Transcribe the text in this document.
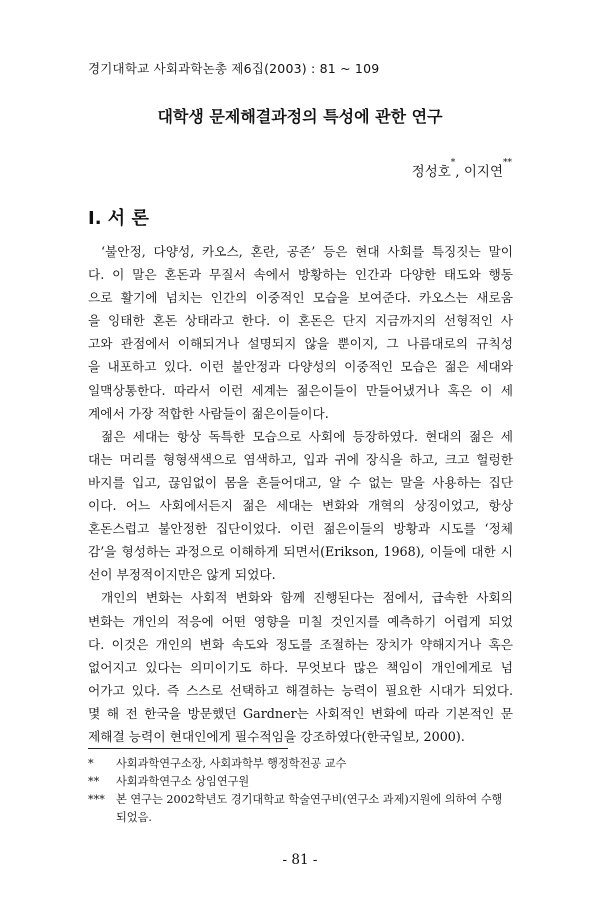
경기대학교 사회과학논총 제6집(2003) : 81 ~ 109
대학생 문제해결과정의 특성에 관한 연구
정성호*, 이지연**
I. 서 론

‘불안정, 다양성, 카오스, 혼란, 공존’ 등은 현대 사회를 특징짓는 말이
다. 이 말은 혼돈과 무질서 속에서 방황하는 인간과 다양한 태도와 행동
으로 활기에 넘치는 인간의 이중적인 모습을 보여준다. 카오스는 새로움
을 잉태한 혼돈 상태라고 한다. 이 혼돈은 단지 지금까지의 선형적인 사
고와 관점에서 이해되거나 설명되지 않을 뿐이지, 그 나름대로의 규칙성
을 내포하고 있다. 이런 불안정과 다양성의 이중적인 모습은 젊은 세대와
일맥상통한다. 따라서 이런 세계는 젊은이들이 만들어냈거나 혹은 이 세
계에서 가장 적합한 사람들이 젊은이들이다.

젊은 세대는 항상 독특한 모습으로 사회에 등장하였다. 현대의 젊은 세
대는 머리를 형형색색으로 염색하고, 입과 귀에 장식을 하고, 크고 헐렁한
바지를 입고, 끊임없이 몸을 흔들어대고, 알 수 없는 말을 사용하는 집단
이다. 어느 사회에서든지 젊은 세대는 변화와 개혁의 상징이었고, 항상
혼돈스럽고 불안정한 집단이었다. 이런 젊은이들의 방황과 시도를 ‘정체
감’을 형성하는 과정으로 이해하게 되면서(Erikson, 1968), 이들에 대한 시
선이 부정적이지만은 않게 되었다.

개인의 변화는 사회적 변화와 함께 진행된다는 점에서, 급속한 사회의
변화는 개인의 적응에 어떤 영향을 미칠 것인지를 예측하기 어렵게 되었
다. 이것은 개인의 변화 속도와 정도를 조절하는 장치가 약해지거나 혹은
없어지고 있다는 의미이기도 하다. 무엇보다 많은 책임이 개인에게로 넘
어가고 있다. 즉 스스로 선택하고 해결하는 능력이 필요한 시대가 되었다.
몇 해 전 한국을 방문했던 Gardner는 사회적인 변화에 따라 기본적인 문
제해결 능력이 현대인에게 필수적임을 강조하였다(한국일보, 2000).

*	사회과학연구소장, 사회과학부 행정학전공 교수
**	사회과학연구소 상임연구원
***	본 연구는 2002학년도 경기대학교 학술연구비(연구소 과제)지원에 의하여 수행되었음.
- 81 -
